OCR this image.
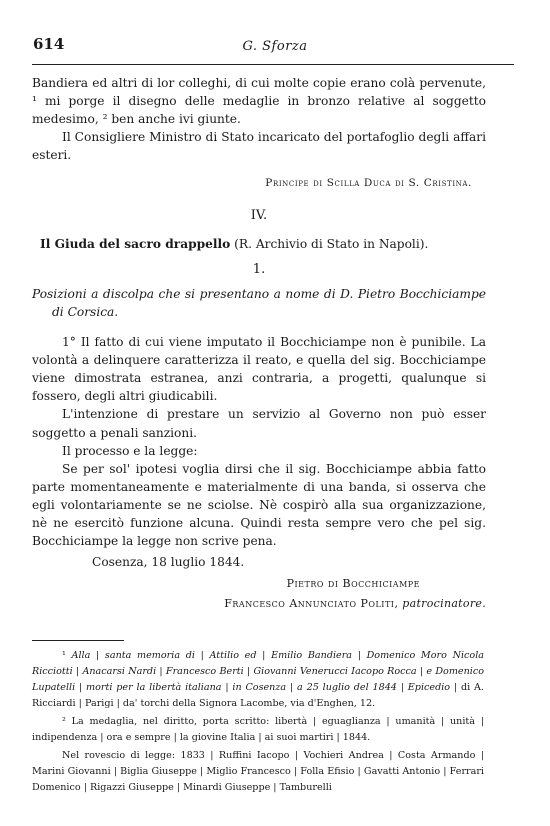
614	G. Sforza

Bandiera ed altri di lor colleghi, di cui molte copie erano colà pervenute, ¹ mi porge il disegno delle medaglie in bronzo relative al soggetto medesimo, ² ben anche ivi giunte.

Il Consigliere Ministro di Stato incaricato del portafoglio degli affari esteri.

Principe di Scilla Duca di S. Cristina.
IV.
Il Giuda del sacro drappello (R. Archivio di Stato in Napoli).
1.

Posizioni a discolpa che si presentano a nome di D. Pietro Bocchiciampe di Corsica.

1° Il fatto di cui viene imputato il Bocchiciampe non è punibile. La volontà a delinquere caratterizza il reato, e quella del sig. Bocchiciampe viene dimostrata estranea, anzi contraria, a progetti, qualunque si fossero, degli altri giudicabili.

L'intenzione di prestare un servizio al Governo non può esser soggetto a penali sanzioni.

Il processo e la legge:

Se per sol' ipotesi voglia dirsi che il sig. Bocchiciampe abbia fatto parte momentaneamente e materialmente di una banda, si osserva che egli volontariamente se ne sciolse. Nè cospirò alla sua organizzazione, nè ne esercitò funzione alcuna. Quindi resta sempre vero che pel sig. Bocchiciampe la legge non scrive pena.

Cosenza, 18 luglio 1844.
Pietro di Bocchiciampe
Francesco Annunciato Politi, patrocinatore.

¹ Alla | santa memoria di | Attilio ed | Emilio Bandiera | Domenico Moro Nicola Ricciotti | Anacarsi Nardi | Francesco Berti | Giovanni Venerucci Iacopo Rocca | e Domenico Lupatelli | morti per la libertà italiana | in Cosenza | a 25 luglio del 1844 | Epicedio | di A. Ricciardi | Parigi | da' torchi della Signora Lacombe, via d'Enghen, 12.

² La medaglia, nel diritto, porta scritto: libertà | eguaglianza | umanità | unità | indipendenza | ora e sempre | la giovine Italia | ai suoi martiri | 1844.

Nel rovescio di legge: 1833 | Ruffini Iacopo | Vochieri Andrea | Costa Armando | Marini Giovanni | Biglia Giuseppe | Miglio Francesco | Folla Efisio | Gavatti Antonio | Ferrari Domenico | Rigazzi Giuseppe | Minardi Giuseppe | Tamburelli
